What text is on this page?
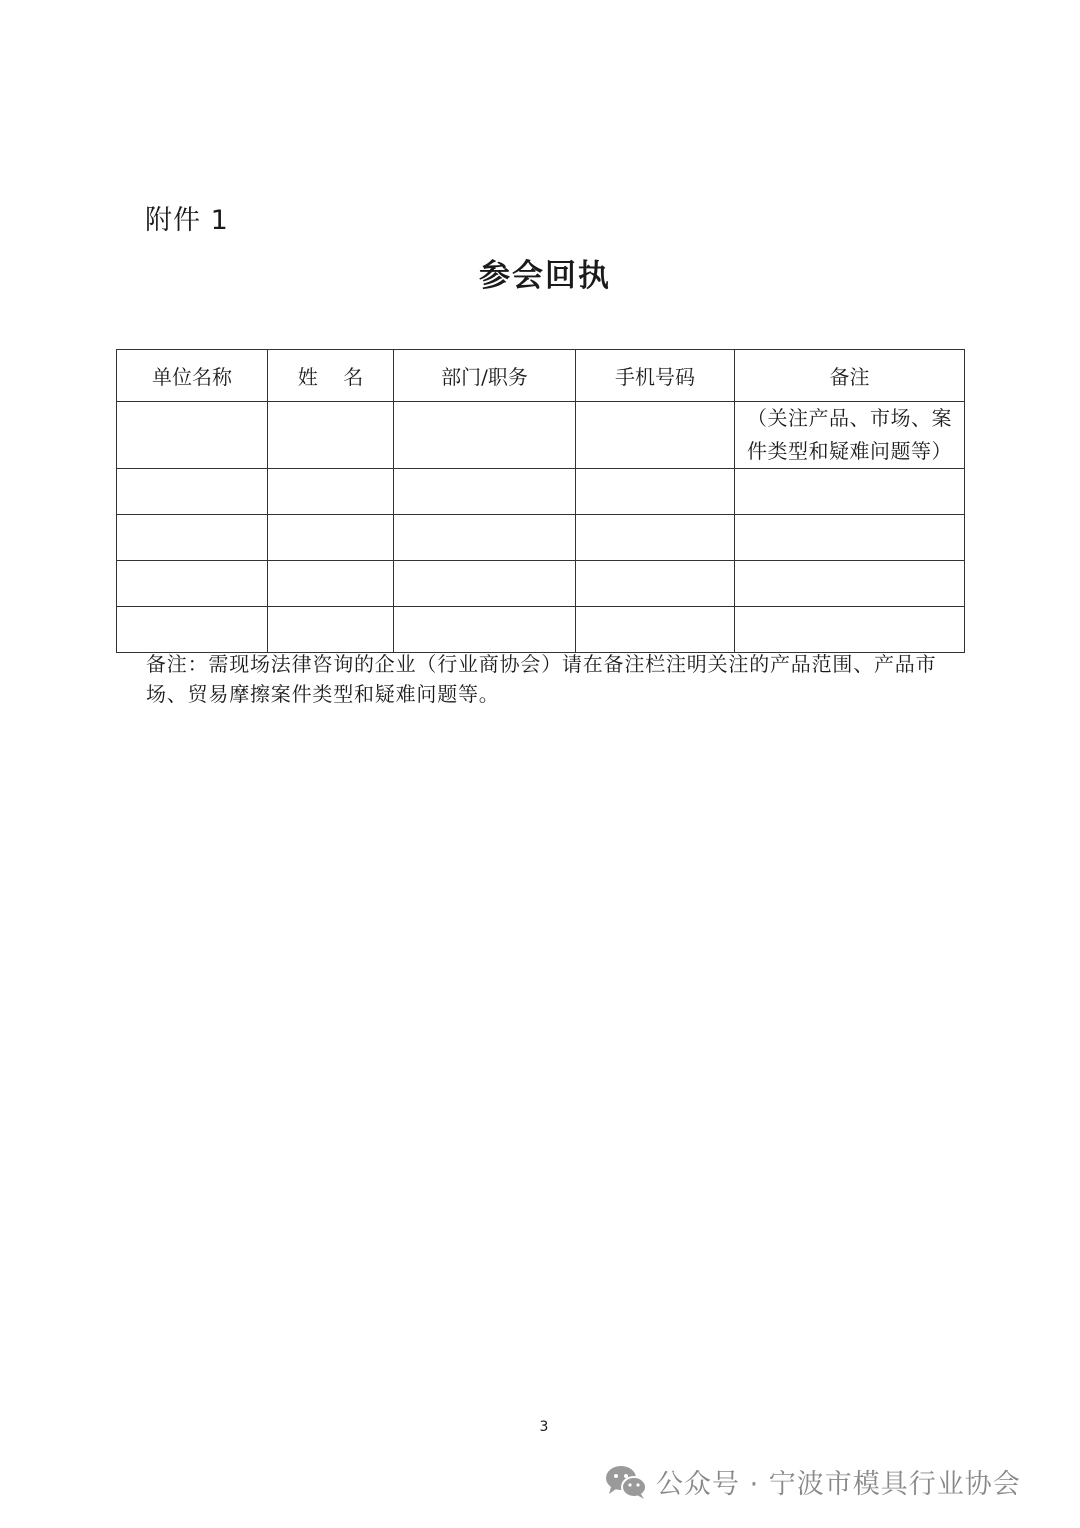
附件 1
参会回执
单位名称	姓    名	部门/职务	手机号码	备注

				（关注产品、市场、案件类型和疑难问题等）

备注：需现场法律咨询的企业（行业商协会）请在备注栏注明关注的产品范围、产品市场、贸易摩擦案件类型和疑难问题等。
3
公众号 · 宁波市模具行业协会
